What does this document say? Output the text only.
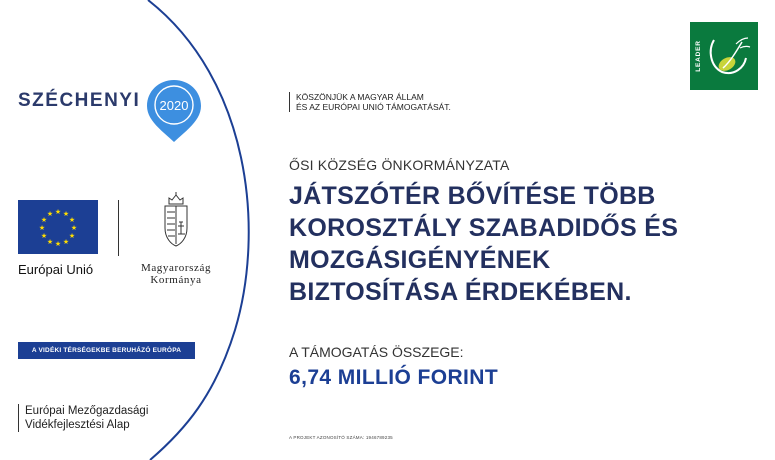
SZÉCHENYI 2020
★ ★
★
★
★
★
★
★
★
★
★
★
Európai Unió	Magyarország
Kormánya
A VIDÉKI TÉRSÉGEKBE BERUHÁZÓ EURÓPA
Európai Mezőgazdasági
Vidékfejlesztési Alap
KÖSZÖNJÜK A MAGYAR ÁLLAM
ÉS AZ EURÓPAI UNIÓ TÁMOGATÁSÁT.
LEADER
ŐSI KÖZSÉG ÖNKORMÁNYZATA
JÁTSZÓTÉR BŐVÍTÉSE TÖBB
KOROSZTÁLY SZABADIDŐS ÉS
MOZGÁSIGÉNYÉNEK
BIZTOSÍTÁSA ÉRDEKÉBEN.
A TÁMOGATÁS ÖSSZEGE:
6,74 MILLIÓ FORINT
A PROJEKT AZONOSÍTÓ SZÁMA: 1946789235
